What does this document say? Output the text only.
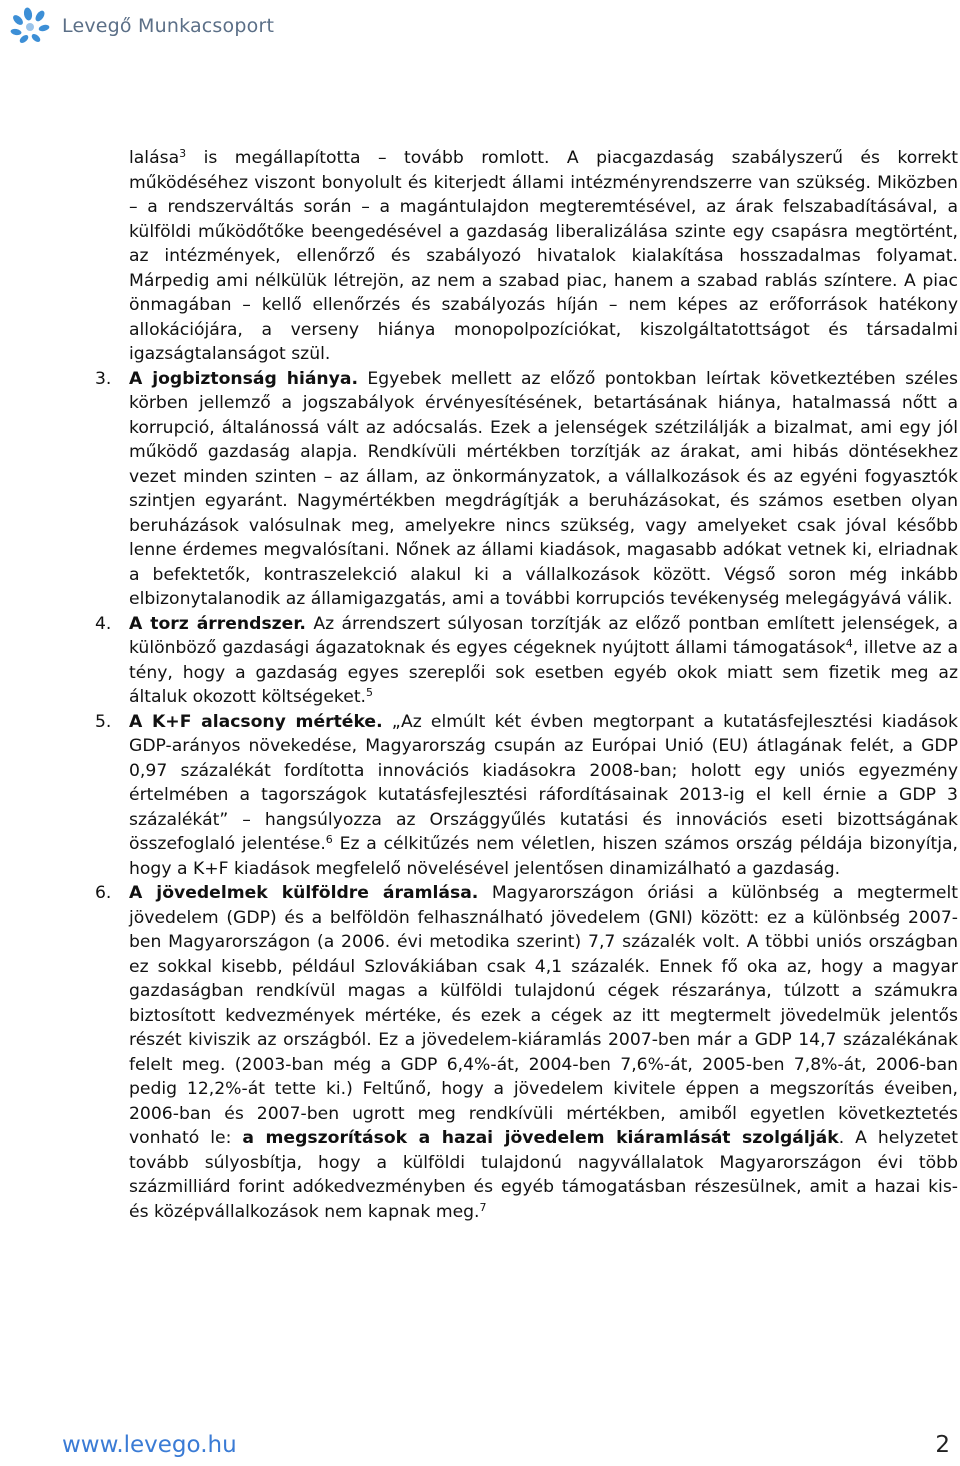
Levegő Munkacsoport

lalása$^3$ is megállapította – tovább romlott. A piacgazdaság szabályszerű és korrekt működéséhez viszont bonyolult és kiterjedt állami intézményrendszerre van szükség. Miközben – a rendszerváltás során – a magántulajdon megteremtésével, az árak felszabadításával, a külföldi működőtőke beengedésével a gazdaság liberalizálása szinte egy csapásra megtörtént, az intézmények, ellenőrző és szabályozó hivatalok kialakítása hosszadalmas folyamat. Márpedig ami nélkülük létrejön, az nem a szabad piac, hanem a szabad rablás színtere. A piac önmagában – kellő ellenőrzés és szabályozás híján – nem képes az erőforrások hatékony allokációjára, a verseny hiánya monopolpozíciókat, kiszolgáltatottságot és társadalmi igazságtalanságot szül.

3. A jogbiztonság hiánya. Egyebek mellett az előző pontokban leírtak következtében széles körben jellemző a jogszabályok érvényesítésének, betartásának hiánya, hatalmassá nőtt a korrupció, általánossá vált az adócsalás. Ezek a jelenségek szétzilálják a bizalmat, ami egy jól működő gazdaság alapja. Rendkívüli mértékben torzítják az árakat, ami hibás döntésekhez vezet minden szinten – az állam, az önkormányzatok, a vállalkozások és az egyéni fogyasztók szintjen egyaránt. Nagymértékben megdrágítják a beruházásokat, és számos esetben olyan beruházások valósulnak meg, amelyekre nincs szükség, vagy amelyeket csak jóval később lenne érdemes megvalósítani. Nőnek az állami kiadások, magasabb adókat vetnek ki, elriadnak a befektetők, kontraszelekció alakul ki a vállalkozások között. Végső soron még inkább elbizonytalanodik az államigazgatás, ami a további korrupciós tevékenység melegágyává válik.

4. A torz árrendszer. Az árrendszert súlyosan torzítják az előző pontban említett jelenségek, a különböző gazdasági ágazatoknak és egyes cégeknek nyújtott állami támogatások$^4$, illetve az a tény, hogy a gazdaság egyes szereplői sok esetben egyéb okok miatt sem fizetik meg az általuk okozott költségeket.$^5$

5. A K+F alacsony mértéke. „Az elmúlt két évben megtorpant a kutatásfejlesztési kiadások GDP-arányos növekedése, Magyarország csupán az Európai Unió (EU) átlagának felét, a GDP 0,97 százalékát fordította innovációs kiadásokra 2008-ban; holott egy uniós egyezmény értelmében a tagországok kutatásfejlesztési ráfordításainak 2013-ig el kell érnie a GDP 3 százalékát” – hangsúlyozza az Országgyűlés kutatási és innovációs eseti bizottságának összefoglaló jelentése.$^6$ Ez a célkitűzés nem véletlen, hiszen számos ország példája bizonyítja, hogy a K+F kiadások megfelelő növelésével jelentősen dinamizálható a gazdaság.

6. A jövedelmek külföldre áramlása. Magyarországon óriási a különbség a megtermelt jövedelem (GDP) és a belföldön felhasználható jövedelem (GNI) között: ez a különbség 2007-ben Magyarországon (a 2006. évi metodika szerint) 7,7 százalék volt. A többi uniós országban ez sokkal kisebb, például Szlovákiában csak 4,1 százalék. Ennek fő oka az, hogy a magyar gazdaságban rendkívül magas a külföldi tulajdonú cégek részaránya, túlzott a számukra biztosított kedvezmények mértéke, és ezek a cégek az itt megtermelt jövedelmük jelentős részét kiviszik az országból. Ez a jövedelem-kiáramlás 2007-ben már a GDP 14,7 százalékának felelt meg. (2003-ban még a GDP 6,4%-át, 2004-ben 7,6%-át, 2005-ben 7,8%-át, 2006-ban pedig 12,2%-át tette ki.) Feltűnő, hogy a jövedelem kivitele éppen a megszorítás éveiben, 2006-ban és 2007-ben ugrott meg rendkívüli mértékben, amiből egyetlen következtetés vonható le: a megszorítások a hazai jövedelem kiáramlását szolgálják. A helyzetet tovább súlyosbítja, hogy a külföldi tulajdonú nagyvállalatok Magyarországon évi több százmilliárd forint adókedvezményben és egyéb támogatásban részesülnek, amit a hazai kis- és középvállalkozások nem kapnak meg.$^7$

www.levego.hu	2
